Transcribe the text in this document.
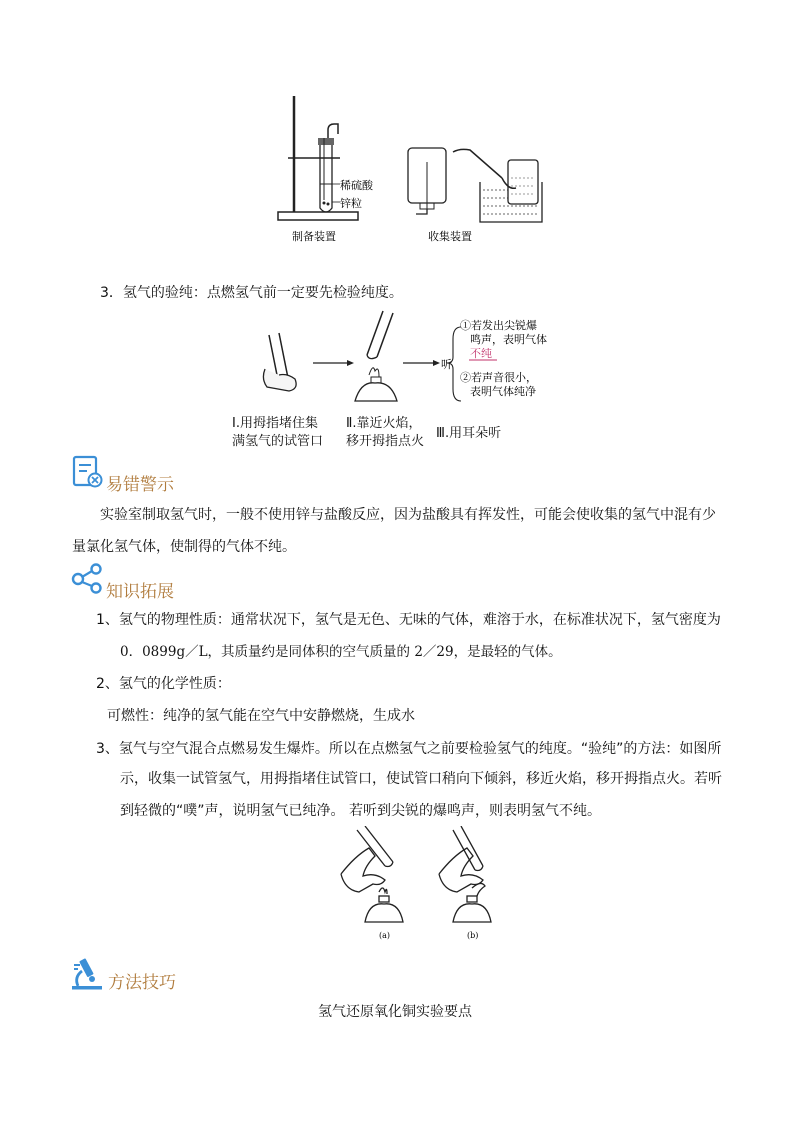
稀硫酸
锌粒
制备装置	收集装置
3．氢气的验纯：点燃氢气前一定要先检验纯度。
听
①若发出尖锐爆
鸣声，表明气体
不纯
②若声音很小，
表明气体纯净
Ⅰ.用拇指堵住集
满氢气的试管口
Ⅱ.靠近火焰，
移开拇指点火
Ⅲ.用耳朵听
易错警示
实验室制取氢气时，一般不使用锌与盐酸反应，因为盐酸具有挥发性，可能会使收集的氢气中混有少
量氯化氢气体，使制得的气体不纯。
知识拓展
1、氢气的物理性质：通常状况下，氢气是无色、无味的气体，难溶于水，在标准状况下，氢气密度为
0．0899g／L，其质量约是同体积的空气质量的 2／29，是最轻的气体。
2、氢气的化学性质：
可燃性：纯净的氢气能在空气中安静燃烧，生成水
3、氢气与空气混合点燃易发生爆炸。所以在点燃氢气之前要检验氢气的纯度。“验纯”的方法：如图所
示，收集一试管氢气，用拇指堵住试管口，使试管口稍向下倾斜，移近火焰，移开拇指点火。若听
到轻微的“噗”声，说明氢气已纯净。 若听到尖锐的爆鸣声，则表明氢气不纯。
(a)	(b)
方法技巧
氢气还原氧化铜实验要点
